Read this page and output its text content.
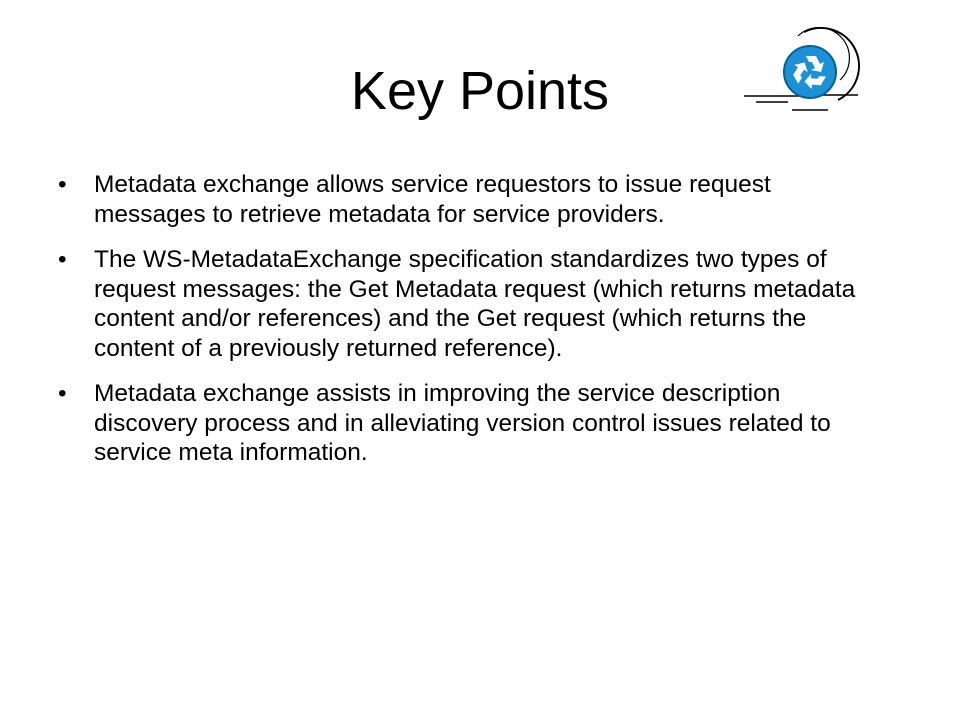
Key Points
•	Metadata exchange allows service requestors to issue request messages to retrieve metadata for service providers.
•	The WS-MetadataExchange specification standardizes two types of request messages: the Get Metadata request (which returns metadata content and/or references) and the Get request (which returns the content of a previously returned reference).
•	Metadata exchange assists in improving the service description discovery process and in alleviating version control issues related to service meta information.
